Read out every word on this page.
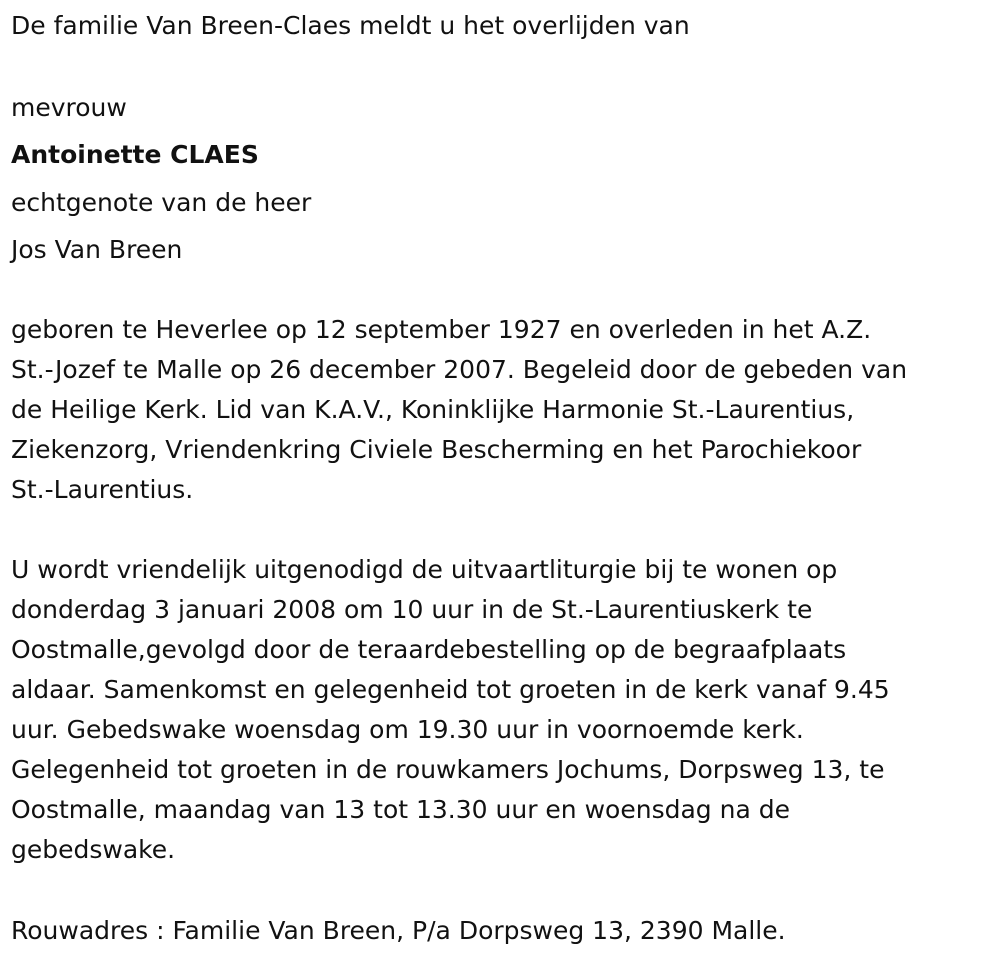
De familie Van Breen-Claes meldt u het overlijden van
mevrouw
Antoinette CLAES
echtgenote van de heer
Jos Van Breen
geboren te Heverlee op 12 september 1927 en overleden in het A.Z.
St.-Jozef te Malle op 26 december 2007. Begeleid door de gebeden van
de Heilige Kerk. Lid van K.A.V., Koninklijke Harmonie St.-Laurentius,
Ziekenzorg, Vriendenkring Civiele Bescherming en het Parochiekoor
St.-Laurentius.
U wordt vriendelijk uitgenodigd de uitvaartliturgie bij te wonen op
donderdag 3 januari 2008 om 10 uur in de St.-Laurentiuskerk te
Oostmalle,gevolgd door de teraardebestelling op de begraafplaats
aldaar. Samenkomst en gelegenheid tot groeten in de kerk vanaf 9.45
uur. Gebedswake woensdag om 19.30 uur in voornoemde kerk.
Gelegenheid tot groeten in de rouwkamers Jochums, Dorpsweg 13, te
Oostmalle, maandag van 13 tot 13.30 uur en woensdag na de
gebedswake.
Rouwadres : Familie Van Breen, P/a Dorpsweg 13, 2390 Malle.
